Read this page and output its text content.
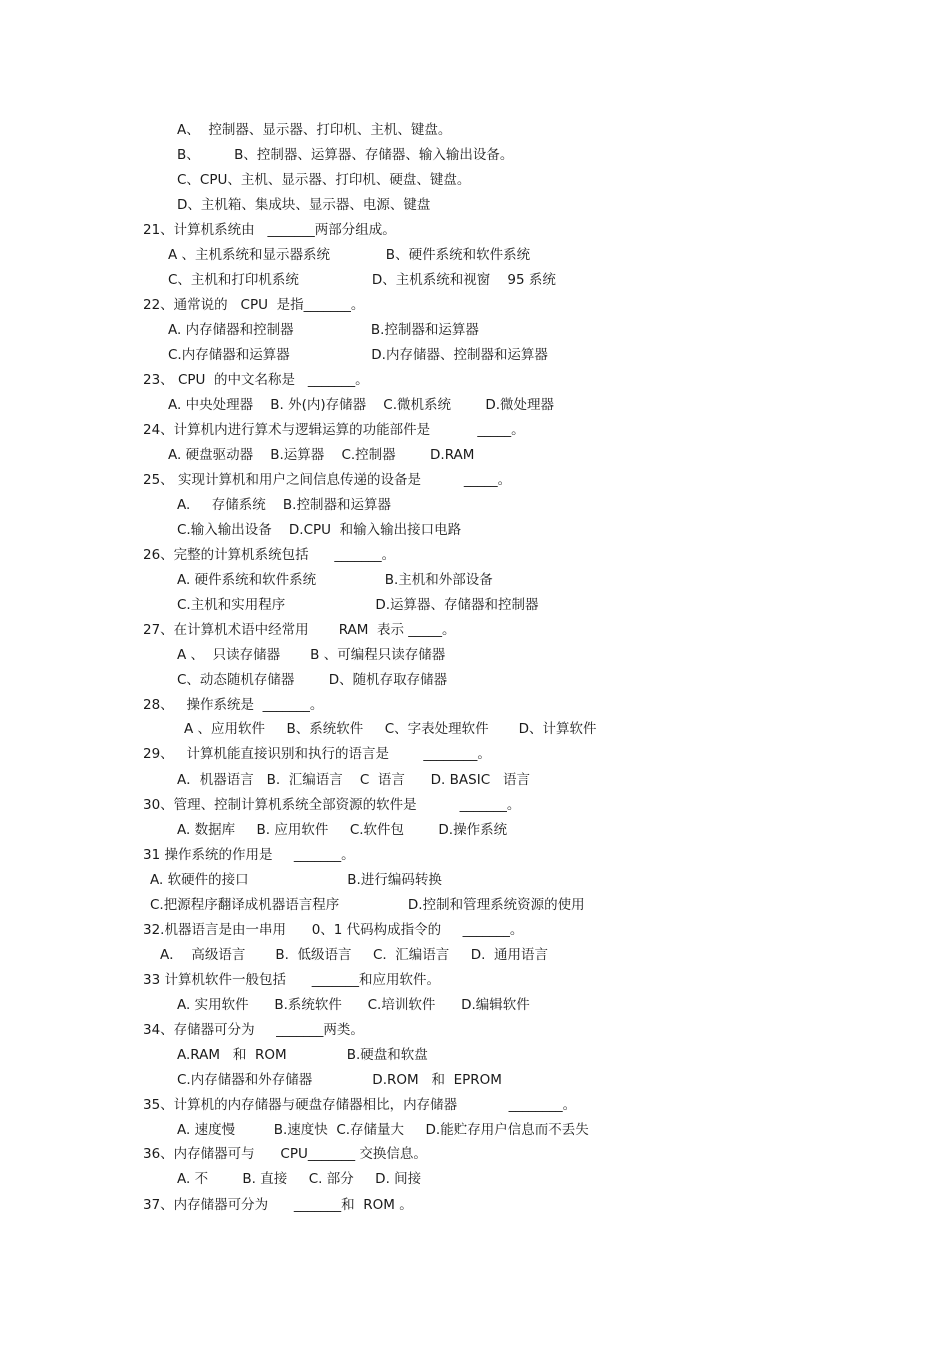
A、  控制器、显示器、打印机、主机、键盘。
B、        B、控制器、运算器、存储器、输入输出设备。
C、CPU、主机、显示器、打印机、硬盘、键盘。
D、主机箱、集成块、显示器、电源、键盘
21、计算机系统由   _______两部分组成。
A 、主机系统和显示器系统             B、硬件系统和软件系统
C、主机和打印机系统                 D、主机系统和视窗    95 系统
22、通常说的   CPU  是指_______。
A. 内存储器和控制器                  B.控制器和运算器
C.内存储器和运算器                   D.内存储器、控制器和运算器
23、 CPU  的中文名称是   _______。
A. 中央处理器    B. 外(内)存储器    C.微机系统        D.微处理器
24、计算机内进行算术与逻辑运算的功能部件是           _____。
A. 硬盘驱动器    B.运算器    C.控制器        D.RAM
25、 实现计算机和用户之间信息传递的设备是          _____。
A.     存储系统    B.控制器和运算器
C.输入输出设备    D.CPU  和输入输出接口电路
26、完整的计算机系统包括      _______。
A. 硬件系统和软件系统                B.主机和外部设备
C.主机和实用程序                     D.运算器、存储器和控制器
27、在计算机术语中经常用       RAM  表示 _____。
A 、  只读存储器       B 、可编程只读存储器
C、动态随机存储器        D、随机存取存储器
28、   操作系统是  _______。
A 、应用软件     B、系统软件     C、字表处理软件       D、计算软件
29、   计算机能直接识别和执行的语言是        ________。
A．机器语言   B.  汇编语言    C  语言      D. BASIC   语言
30、管理、控制计算机系统全部资源的软件是          _______。
A. 数据库     B. 应用软件     C.软件包        D.操作系统
31 操作系统的作用是     _______。
A. 软硬件的接口                       B.进行编码转换
C.把源程序翻译成机器语言程序                D.控制和管理系统资源的使用
32.机器语言是由一串用      0、1 代码构成指令的     _______。
A．  高级语言       B.  低级语言     C.  汇编语言     D.  通用语言
33 计算机软件一般包括      _______和应用软件。
A. 实用软件      B.系统软件      C.培训软件      D.编辑软件
34、存储器可分为     _______两类。
A.RAM   和  ROM              B.硬盘和软盘
C.内存储器和外存储器              D.ROM   和  EPROM
35、计算机的内存储器与硬盘存储器相比，内存储器            ________。
A. 速度慢         B.速度快  C.存储量大     D.能贮存用户信息而不丢失
36、内存储器可与      CPU_______ 交换信息。
A. 不        B. 直接     C. 部分     D. 间接
37、内存储器可分为      _______和  ROM 。
